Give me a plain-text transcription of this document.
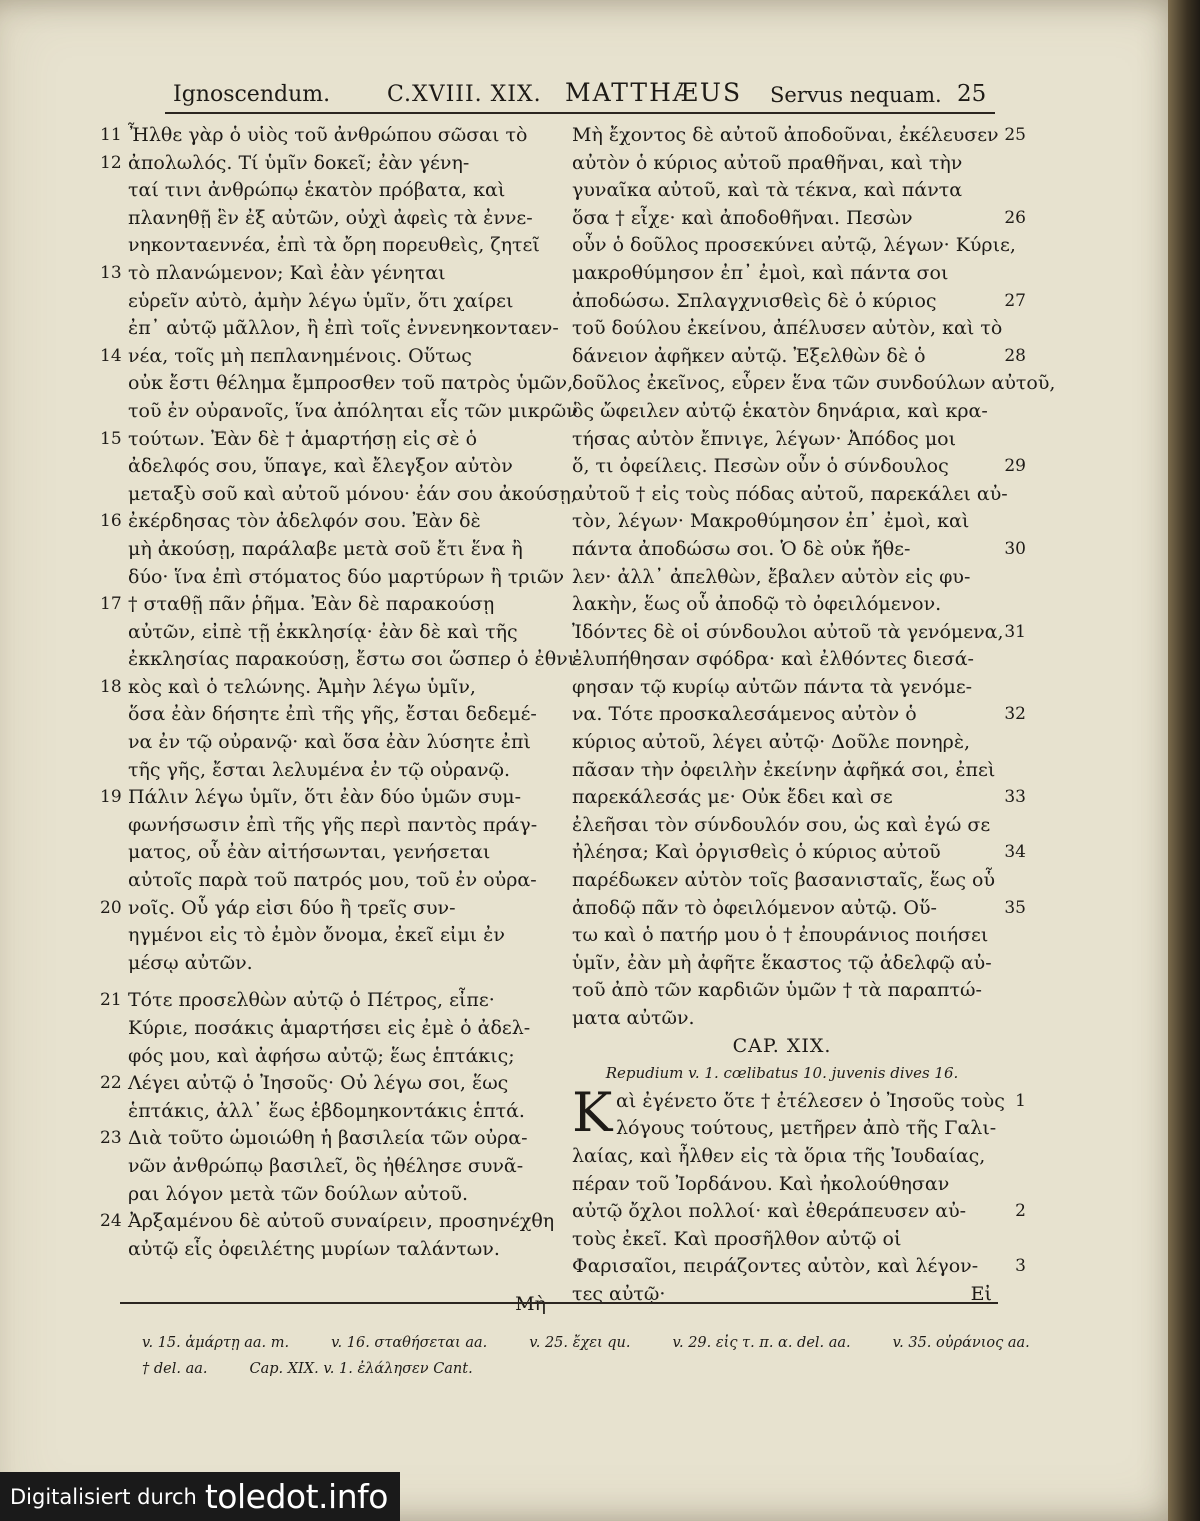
Ignoscendum.	C.XVIII. XIX. MATTHÆUS Servus nequam. 25
11 Ἦλθε γὰρ ὁ υἱὸς τοῦ ἀνθρώπου σῶσαι τὸ
12 ἀπολωλός. Τί ὑμῖν δοκεῖ; ἐὰν γένη-
ταί τινι ἀνθρώπῳ ἑκατὸν πρόβατα, καὶ
πλανηθῇ ἓν ἐξ αὐτῶν, οὐχὶ ἀφεὶς τὰ ἐννε-
νηκονταεννέα, ἐπὶ τὰ ὄρη πορευθεὶς, ζητεῖ
13 τὸ πλανώμενον; Καὶ ἐὰν γένηται
εὑρεῖν αὐτὸ, ἀμὴν λέγω ὑμῖν, ὅτι χαίρει
ἐπ᾽ αὐτῷ μᾶλλον, ἢ ἐπὶ τοῖς ἐννενηκονταεν-
14 νέα, τοῖς μὴ πεπλανημένοις. Οὕτως
οὐκ ἔστι θέλημα ἔμπροσθεν τοῦ πατρὸς ὑμῶν,
τοῦ ἐν οὐρανοῖς, ἵνα ἀπόληται εἷς τῶν μικρῶν
15 τούτων. Ἐὰν δὲ † ἁμαρτήσῃ εἰς σὲ ὁ
ἀδελφός σου, ὕπαγε, καὶ ἔλεγξον αὐτὸν
μεταξὺ σοῦ καὶ αὐτοῦ μόνου· ἐάν σου ἀκούσῃ,
16 ἐκέρδησας τὸν ἀδελφόν σου. Ἐὰν δὲ
μὴ ἀκούσῃ, παράλαβε μετὰ σοῦ ἔτι ἕνα ἢ
δύο· ἵνα ἐπὶ στόματος δύο μαρτύρων ἢ τριῶν
17 † σταθῇ πᾶν ῥῆμα. Ἐὰν δὲ παρακούσῃ
αὐτῶν, εἰπὲ τῇ ἐκκλησίᾳ· ἐὰν δὲ καὶ τῆς
ἐκκλησίας παρακούσῃ, ἔστω σοι ὥσπερ ὁ ἐθνι-
18 κὸς καὶ ὁ τελώνης. Ἀμὴν λέγω ὑμῖν,
ὅσα ἐὰν δήσητε ἐπὶ τῆς γῆς, ἔσται δεδεμέ-
να ἐν τῷ οὐρανῷ· καὶ ὅσα ἐὰν λύσητε ἐπὶ
τῆς γῆς, ἔσται λελυμένα ἐν τῷ οὐρανῷ.
19 Πάλιν λέγω ὑμῖν, ὅτι ἐὰν δύο ὑμῶν συμ-
φωνήσωσιν ἐπὶ τῆς γῆς περὶ παντὸς πράγ-
ματος, οὗ ἐὰν αἰτήσωνται, γενήσεται
αὐτοῖς παρὰ τοῦ πατρός μου, τοῦ ἐν οὐρα-
20 νοῖς. Οὗ γάρ εἰσι δύο ἢ τρεῖς συν-
ηγμένοι εἰς τὸ ἐμὸν ὄνομα, ἐκεῖ εἰμι ἐν
μέσῳ αὐτῶν.
21 Τότε προσελθὼν αὐτῷ ὁ Πέτρος, εἶπε·
Κύριε, ποσάκις ἁμαρτήσει εἰς ἐμὲ ὁ ἀδελ-
φός μου, καὶ ἀφήσω αὐτῷ; ἕως ἑπτάκις;
22 Λέγει αὐτῷ ὁ Ἰησοῦς· Οὐ λέγω σοι, ἕως
ἑπτάκις, ἀλλ᾽ ἕως ἑβδομηκοντάκις ἑπτά.
23 Διὰ τοῦτο ὡμοιώθη ἡ βασιλεία τῶν οὐρα-
νῶν ἀνθρώπῳ βασιλεῖ, ὃς ἠθέλησε συνᾶ-
ραι λόγον μετὰ τῶν δούλων αὐτοῦ.
24 Ἀρξαμένου δὲ αὐτοῦ συναίρειν, προσηνέχθη
αὐτῷ εἷς ὀφειλέτης μυρίων ταλάντων.
Μὴ
25
Μὴ ἔχοντος δὲ αὐτοῦ ἀποδοῦναι, ἐκέλευσεν
αὐτὸν ὁ κύριος αὐτοῦ πραθῆναι, καὶ τὴν
γυναῖκα αὐτοῦ, καὶ τὰ τέκνα, καὶ πάντα
26
ὅσα † εἶχε· καὶ ἀποδοθῆναι. Πεσὼν
οὖν ὁ δοῦλος προσεκύνει αὐτῷ, λέγων· Κύριε,
μακροθύμησον ἐπ᾽ ἐμοὶ, καὶ πάντα σοι
27
ἀποδώσω. Σπλαγχνισθεὶς δὲ ὁ κύριος
τοῦ δούλου ἐκείνου, ἀπέλυσεν αὐτὸν, καὶ τὸ
28
δάνειον ἀφῆκεν αὐτῷ. Ἐξελθὼν δὲ ὁ
δοῦλος ἐκεῖνος, εὗρεν ἕνα τῶν συνδούλων αὐτοῦ,
ὃς ὤφειλεν αὐτῷ ἑκατὸν δηνάρια, καὶ κρα-
τήσας αὐτὸν ἔπνιγε, λέγων· Ἀπόδος μοι
29
ὅ, τι ὀφείλεις. Πεσὼν οὖν ὁ σύνδουλος
αὐτοῦ † εἰς τοὺς πόδας αὐτοῦ, παρεκάλει αὐ-
τὸν, λέγων· Μακροθύμησον ἐπ᾽ ἐμοὶ, καὶ
30
πάντα ἀποδώσω σοι. Ὁ δὲ οὐκ ἤθε-
λεν· ἀλλ᾽ ἀπελθὼν, ἔβαλεν αὐτὸν εἰς φυ-
λακὴν, ἕως οὗ ἀποδῷ τὸ ὀφειλόμενον.
31
Ἰδόντες δὲ οἱ σύνδουλοι αὐτοῦ τὰ γενόμενα,
ἐλυπήθησαν σφόδρα· καὶ ἐλθόντες διεσά-
φησαν τῷ κυρίῳ αὐτῶν πάντα τὰ γενόμε-
32
να. Τότε προσκαλεσάμενος αὐτὸν ὁ
κύριος αὐτοῦ, λέγει αὐτῷ· Δοῦλε πονηρὲ,
πᾶσαν τὴν ὀφειλὴν ἐκείνην ἀφῆκά σοι, ἐπεὶ
33
παρεκάλεσάς με· Οὐκ ἔδει καὶ σε
ἐλεῆσαι τὸν σύνδουλόν σου, ὡς καὶ ἐγώ σε
34
ἠλέησα; Καὶ ὀργισθεὶς ὁ κύριος αὐτοῦ
παρέδωκεν αὐτὸν τοῖς βασανισταῖς, ἕως οὗ
35
ἀποδῷ πᾶν τὸ ὀφειλόμενον αὐτῷ. Οὕ-
τω καὶ ὁ πατήρ μου ὁ † ἐπουράνιος ποιήσει
ὑμῖν, ἐὰν μὴ ἀφῆτε ἕκαστος τῷ ἀδελφῷ αὐ-
τοῦ ἀπὸ τῶν καρδιῶν ὑμῶν † τὰ παραπτώ-
ματα αὐτῶν.
CAP. XIX.
Repudium v. 1. cœlibatus 10. juvenis dives 16.
K	1
αὶ ἐγένετο ὅτε † ἐτέλεσεν ὁ Ἰησοῦς τοὺς
λόγους τούτους, μετῆρεν ἀπὸ τῆς Γαλι-
λαίας, καὶ ἦλθεν εἰς τὰ ὅρια τῆς Ἰουδαίας,
πέραν τοῦ Ἰορδάνου. Καὶ ἠκολούθησαν
2
αὐτῷ ὄχλοι πολλοί· καὶ ἐθεράπευσεν αὐ-
τοὺς ἐκεῖ. Καὶ προσῆλθον αὐτῷ οἱ
3
Φαρισαῖοι, πειράζοντες αὐτὸν, καὶ λέγον-
τες αὐτῷ·	Εἰ
v. 15. ἁμάρτῃ aa. m.	v. 16. σταθήσεται aa.	v. 25. ἔχει qu.	v. 29. εἰς τ. π. α. del. aa.	v. 35. οὐράνιος aa.
† del. aa.	Cap. XIX. v. 1. ἐλάλησεν Cant.
Digitalisiert durch toledot.info
